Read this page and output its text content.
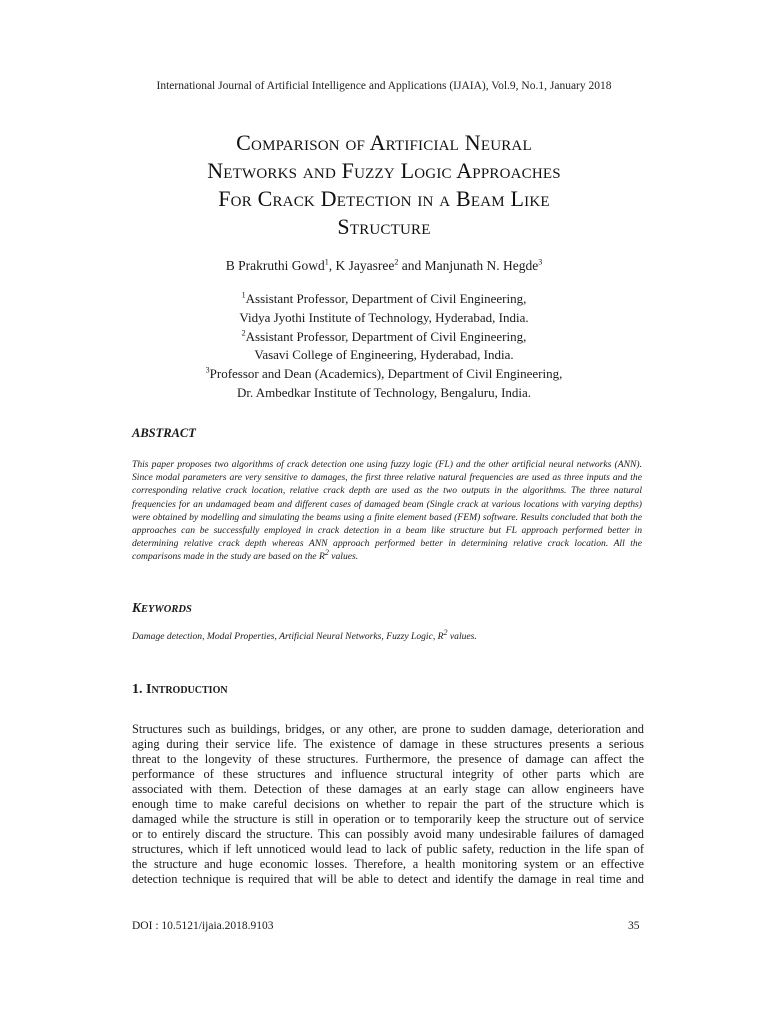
International Journal of Artificial Intelligence and Applications (IJAIA), Vol.9, No.1, January 2018
Comparison of Artificial Neural
Networks and Fuzzy Logic Approaches
For Crack Detection in a Beam Like
Structure
B Prakruthi Gowd$^1$, K Jayasree$^2$ and Manjunath N. Hegde$^3$
$^1$Assistant Professor, Department of Civil Engineering,
Vidya Jyothi Institute of Technology, Hyderabad, India.
$^2$Assistant Professor, Department of Civil Engineering,
Vasavi College of Engineering, Hyderabad, India.
$^3$Professor and Dean (Academics), Department of Civil Engineering,
Dr. Ambedkar Institute of Technology, Bengaluru, India.
ABSTRACT
This paper proposes two algorithms of crack detection one using fuzzy logic (FL) and the other artificial neural networks (ANN). Since modal parameters are very sensitive to damages, the first three relative natural frequencies are used as three inputs and the corresponding relative crack location, relative crack depth are used as the two outputs in the algorithms. The three natural frequencies for an undamaged beam and different cases of damaged beam (Single crack at various locations with varying depths) were obtained by modelling and simulating the beams using a finite element based (FEM) software. Results concluded that both the approaches can be successfully employed in crack detection in a beam like structure but FL approach performed better in determining relative crack depth whereas ANN approach performed better in determining relative crack location. All the comparisons made in the study are based on the $R^2$ values.
KEYWORDS
Damage detection, Modal Properties, Artificial Neural Networks, Fuzzy Logic, $R^2$ values.
1. Introduction
Structures such as buildings, bridges, or any other, are prone to sudden damage, deterioration and
aging during their service life. The existence of damage in these structures presents a serious
threat to the longevity of these structures. Furthermore, the presence of damage can affect the
performance of these structures and influence structural integrity of other parts which are
associated with them. Detection of these damages at an early stage can allow engineers have
enough time to make careful decisions on whether to repair the part of the structure which is
damaged while the structure is still in operation or to temporarily keep the structure out of service
or to entirely discard the structure. This can possibly avoid many undesirable failures of damaged
structures, which if left unnoticed would lead to lack of public safety, reduction in the life span of
the structure and huge economic losses. Therefore, a health monitoring system or an effective
detection technique is required that will be able to detect and identify the damage in real time and
DOI : 10.5121/ijaia.2018.9103	35
